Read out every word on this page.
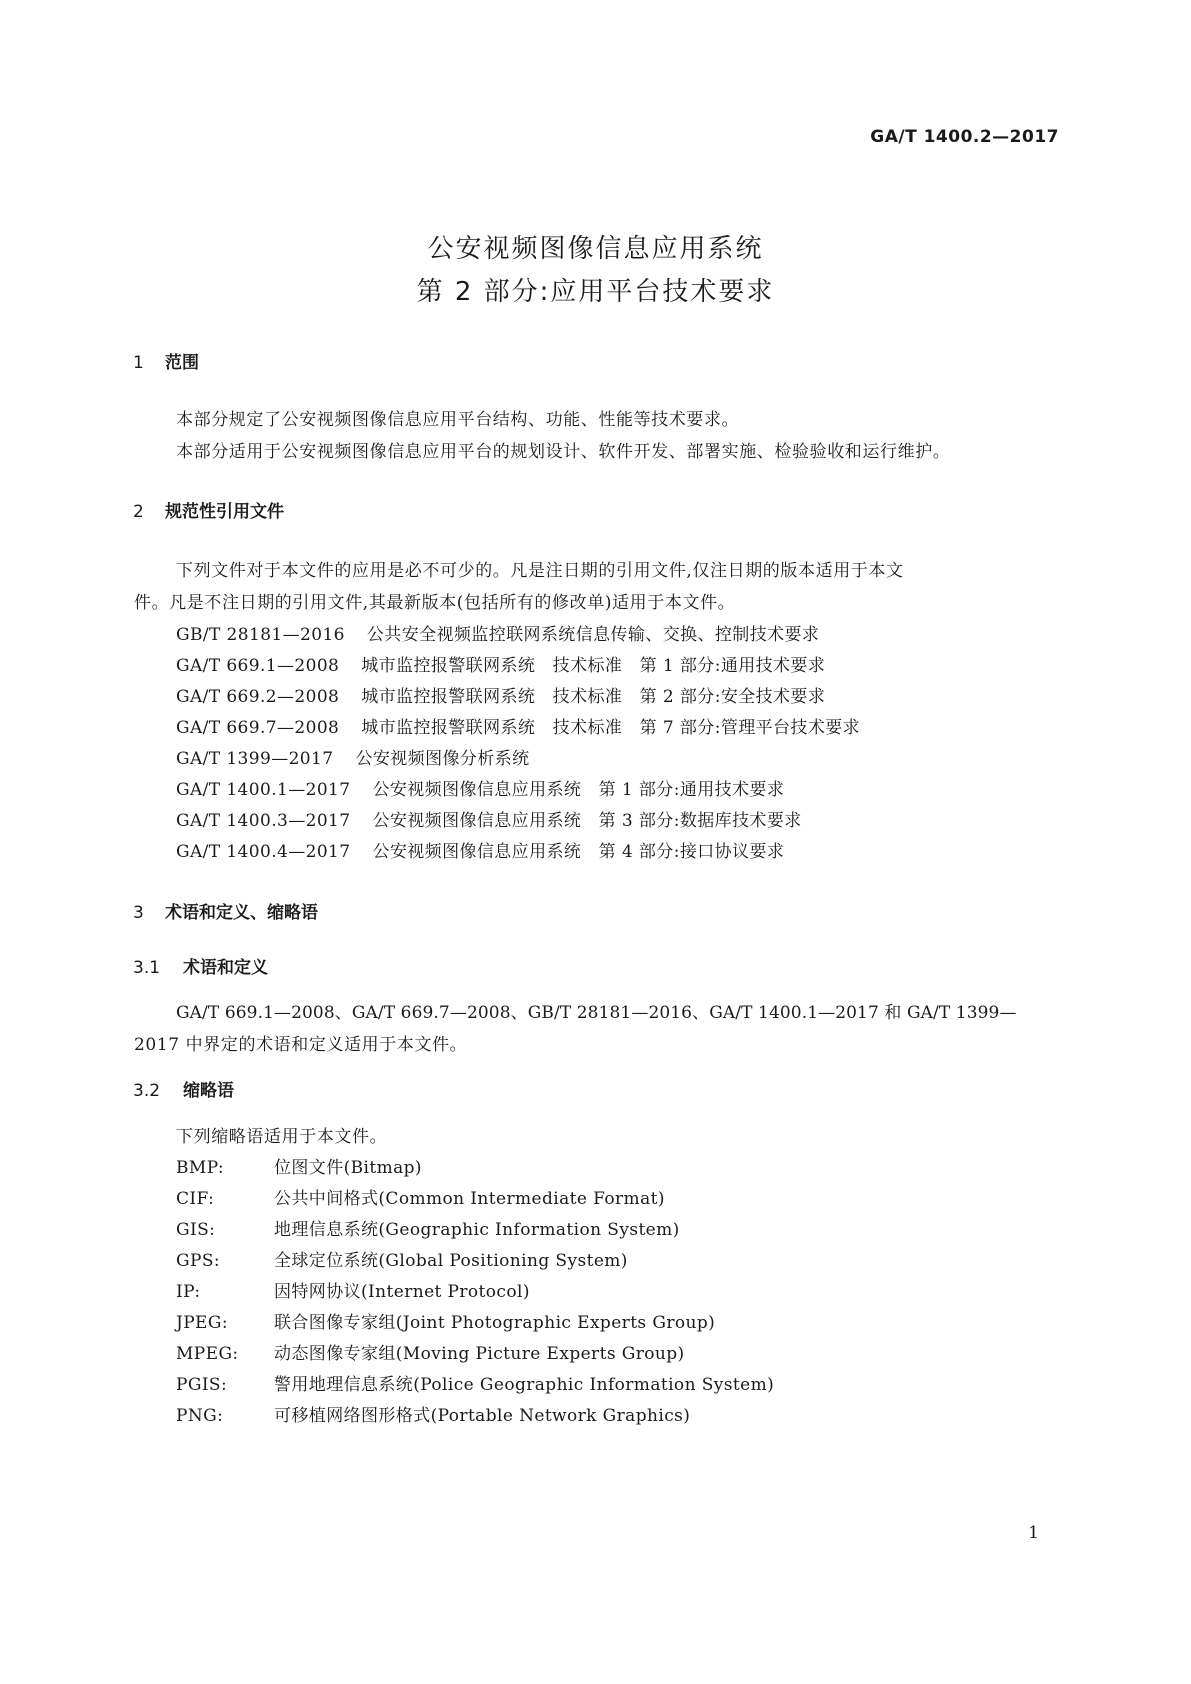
GA/T 1400.2—2017
公安视频图像信息应用系统
第 2 部分:应用平台技术要求
1 范围
本部分规定了公安视频图像信息应用平台结构、功能、性能等技术要求。
本部分适用于公安视频图像信息应用平台的规划设计、软件开发、部署实施、检验验收和运行维护。
2 规范性引用文件
下列文件对于本文件的应用是必不可少的。凡是注日期的引用文件,仅注日期的版本适用于本文
件。凡是不注日期的引用文件,其最新版本(包括所有的修改单)适用于本文件。
GB/T 28181—2016 公共安全视频监控联网系统信息传输、交换、控制技术要求
GA/T 669.1—2008 城市监控报警联网系统　技术标准　第 1 部分:通用技术要求
GA/T 669.2—2008 城市监控报警联网系统　技术标准　第 2 部分:安全技术要求
GA/T 669.7—2008 城市监控报警联网系统　技术标准　第 7 部分:管理平台技术要求
GA/T 1399—2017 公安视频图像分析系统
GA/T 1400.1—2017 公安视频图像信息应用系统　第 1 部分:通用技术要求
GA/T 1400.3—2017 公安视频图像信息应用系统　第 3 部分:数据库技术要求
GA/T 1400.4—2017 公安视频图像信息应用系统　第 4 部分:接口协议要求
3 术语和定义、缩略语
3.1 术语和定义
GA/T 669.1—2008、GA/T 669.7—2008、GB/T 28181—2016、GA/T 1400.1—2017 和 GA/T 1399—
2017 中界定的术语和定义适用于本文件。
3.2 缩略语
下列缩略语适用于本文件。
BMP:	位图文件(Bitmap)
CIF:	公共中间格式(Common Intermediate Format)
GIS:	地理信息系统(Geographic Information System)
GPS:	全球定位系统(Global Positioning System)
IP:	因特网协议(Internet Protocol)
JPEG:	联合图像专家组(Joint Photographic Experts Group)
MPEG: 动态图像专家组(Moving Picture Experts Group)
PGIS:	警用地理信息系统(Police Geographic Information System)
PNG:	可移植网络图形格式(Portable Network Graphics)
1
